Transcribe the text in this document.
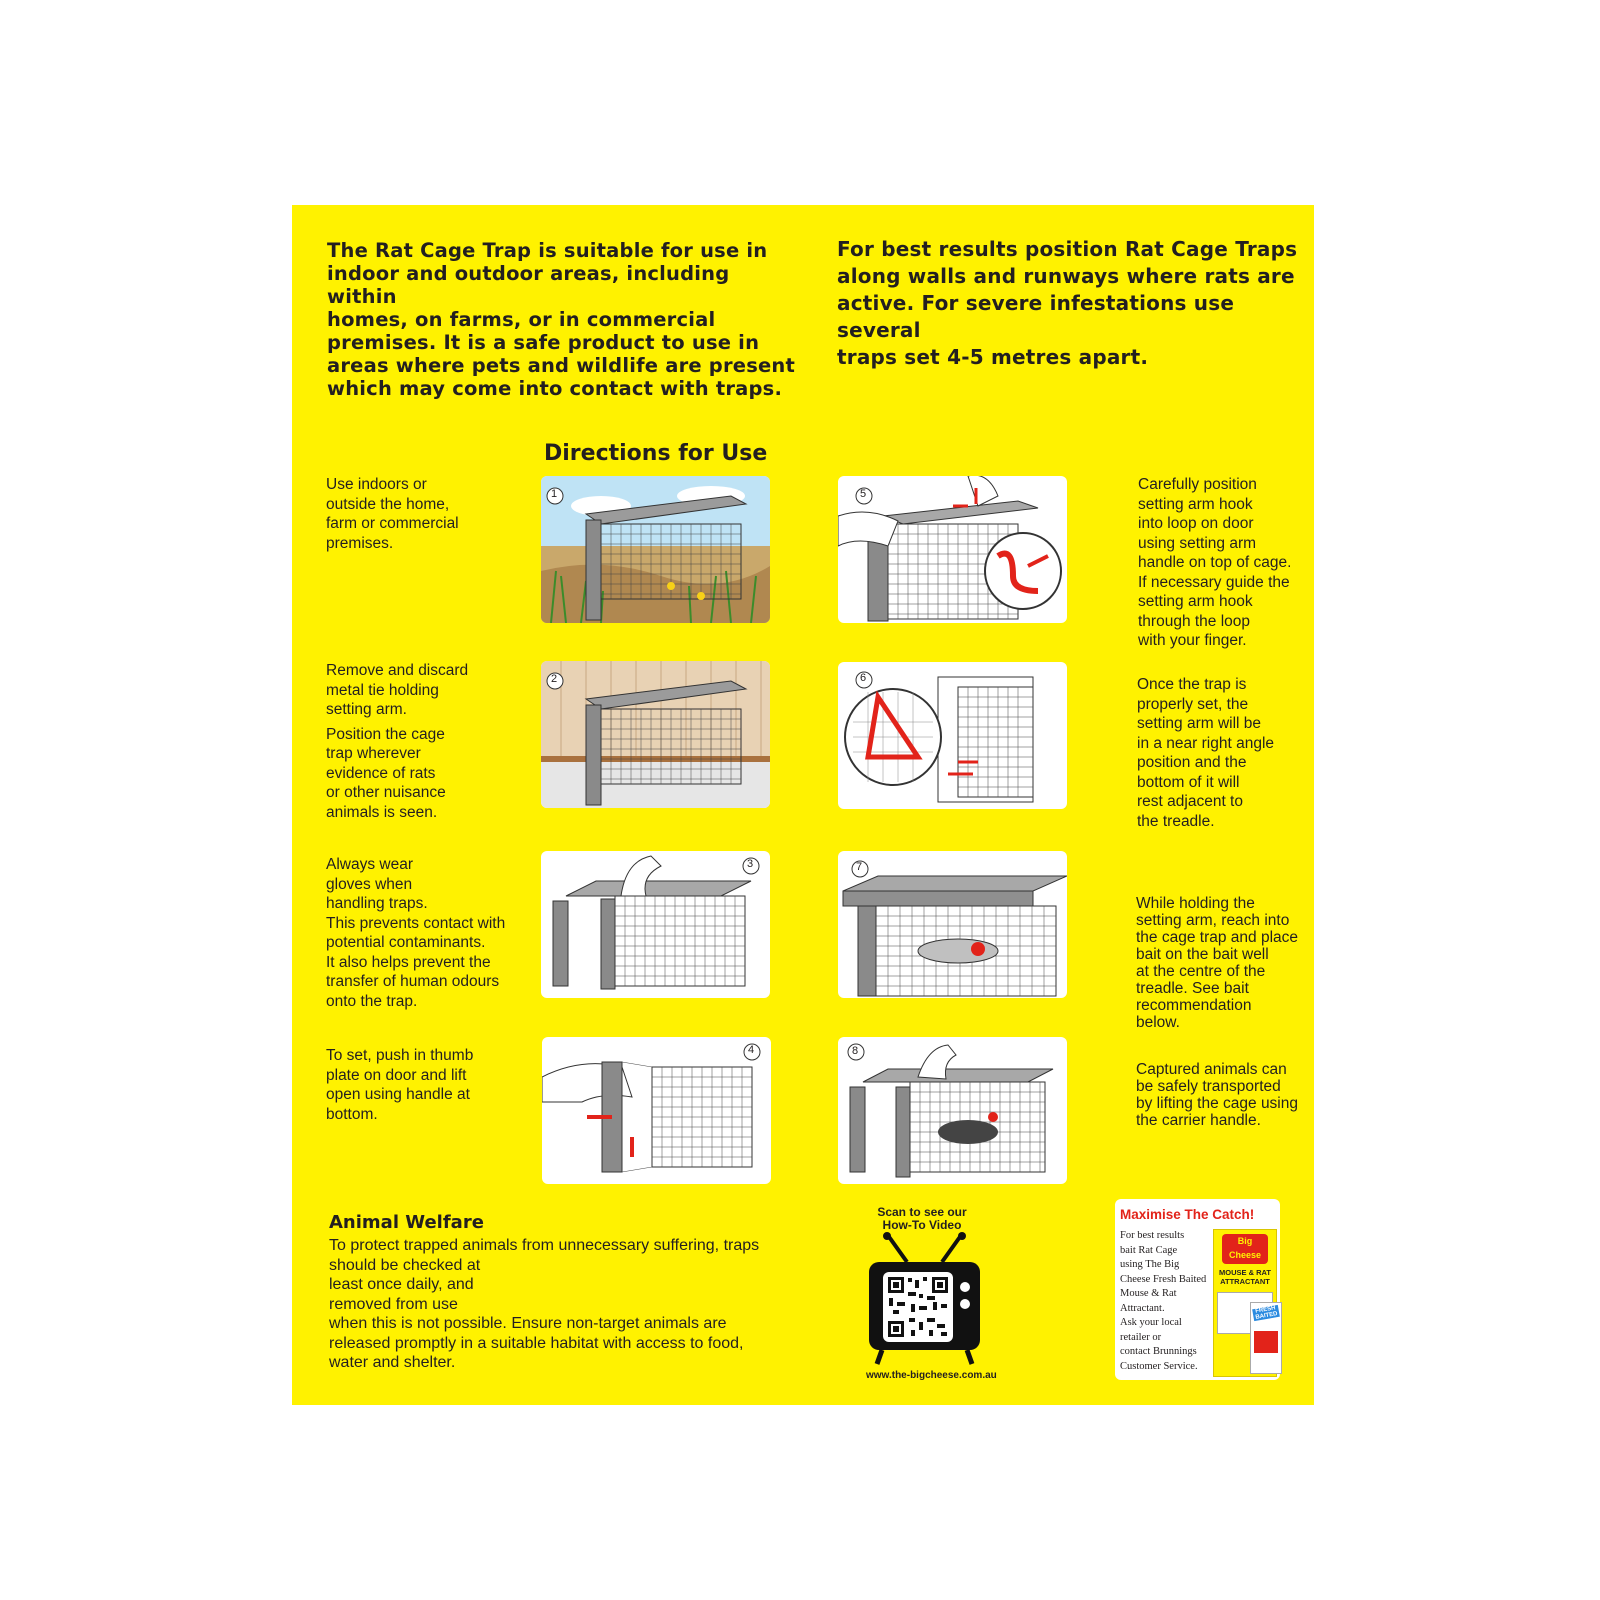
The Rat Cage Trap is suitable for use in
indoor and outdoor areas, including within
homes, on farms, or in commercial
premises. It is a safe product to use in
areas where pets and wildlife are present
which may come into contact with traps.
For best results position Rat Cage Traps
along walls and runways where rats are
active. For severe infestations use several
traps set 4-5 metres apart.
Directions for Use
Use indoors or
outside the home,
farm or commercial
premises.

Remove and discard
metal tie holding
setting arm.

Position the cage
trap wherever
evidence of rats
or other nuisance
animals is seen.

Always wear
gloves when
handling traps.
This prevents contact with
potential contaminants.
It also helps prevent the
transfer of human odours
onto the trap.
To set, push in thumb
plate on door and lift
open using handle at
bottom.
Carefully position
setting arm hook
into loop on door
using setting arm
handle on top of cage.
If necessary guide the
setting arm hook
through the loop
with your finger.
Once the trap is
properly set, the
setting arm will be
in a near right angle
position and the
bottom of it will
rest adjacent to
the treadle.
While holding the
setting arm, reach into
the cage trap and place
bait on the bait well
at the centre of the
treadle. See bait
recommendation
below.
Captured animals can
be safely transported
by lifting the cage using
the carrier handle.
1
2
3
4
5
6
7
8
Animal Welfare
To protect trapped animals from unnecessary suffering, traps
should be checked at
least once daily, and
removed from use
when this is not possible. Ensure non-target animals are
released promptly in a suitable habitat with access to food,
water and shelter.
Scan to see our
How-To Video
www.the-bigcheese.com.au
Maximise The Catch!
For best results
bait Rat Cage
using The Big
Cheese Fresh Baited
Mouse & Rat
Attractant.
Ask your local
retailer or
contact Brunnings
Customer Service.
Big Cheese
MOUSE & RAT ATTRACTANT
FRESH BAITED
